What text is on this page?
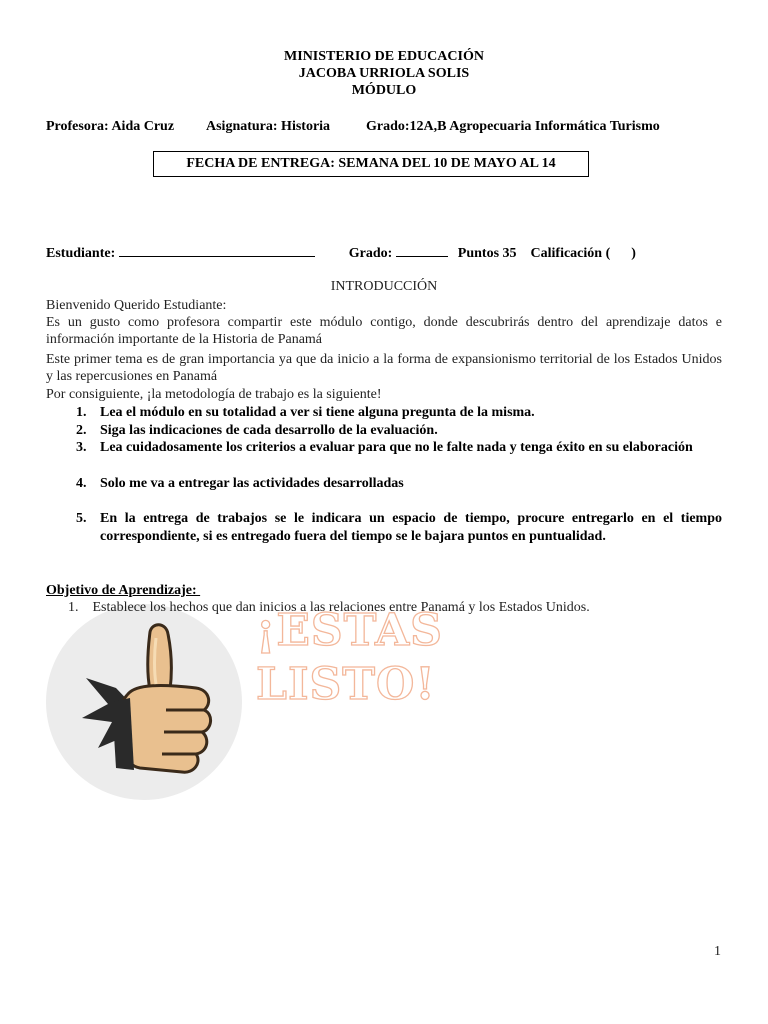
MINISTERIO DE EDUCACIÓN
JACOBA URRIOLA SOLIS
MÓDULO
Profesora: Aida Cruz Asignatura: Historia	Grado:12A,B Agropecuaria Informática Turismo
FECHA DE ENTREGA: SEMANA DEL 10 DE MAYO AL 14
Estudiante:	Grado:	Puntos 35 Calificación (      )
INTRODUCCIÓN
Bienvenido Querido Estudiante:
Es un gusto como profesora compartir este módulo contigo, donde descubrirás dentro del aprendizaje datos e información importante de la Historia de Panamá
Este primer tema es de gran importancia ya que da inicio a la forma de expansionismo territorial de los Estados Unidos y las repercusiones en Panamá
Por consiguiente, ¡la metodología de trabajo es la siguiente!
1. Lea el módulo en su totalidad a ver si tiene alguna pregunta de la misma.
2. Siga las indicaciones de cada desarrollo de la evaluación.
3. Lea cuidadosamente los criterios a evaluar para que no le falte nada y tenga éxito en su elaboración
4. Solo me va a entregar las actividades desarrolladas
5. En la entrega de trabajos se le indicara un espacio de tiempo, procure entregarlo en el tiempo correspondiente, si es entregado fuera del tiempo se le bajara puntos en puntualidad.
Objetivo de Aprendizaje:
1. Establece los hechos que dan inicios a las relaciones entre Panamá y los Estados Unidos.
¡ESTAS
LISTO!
1
